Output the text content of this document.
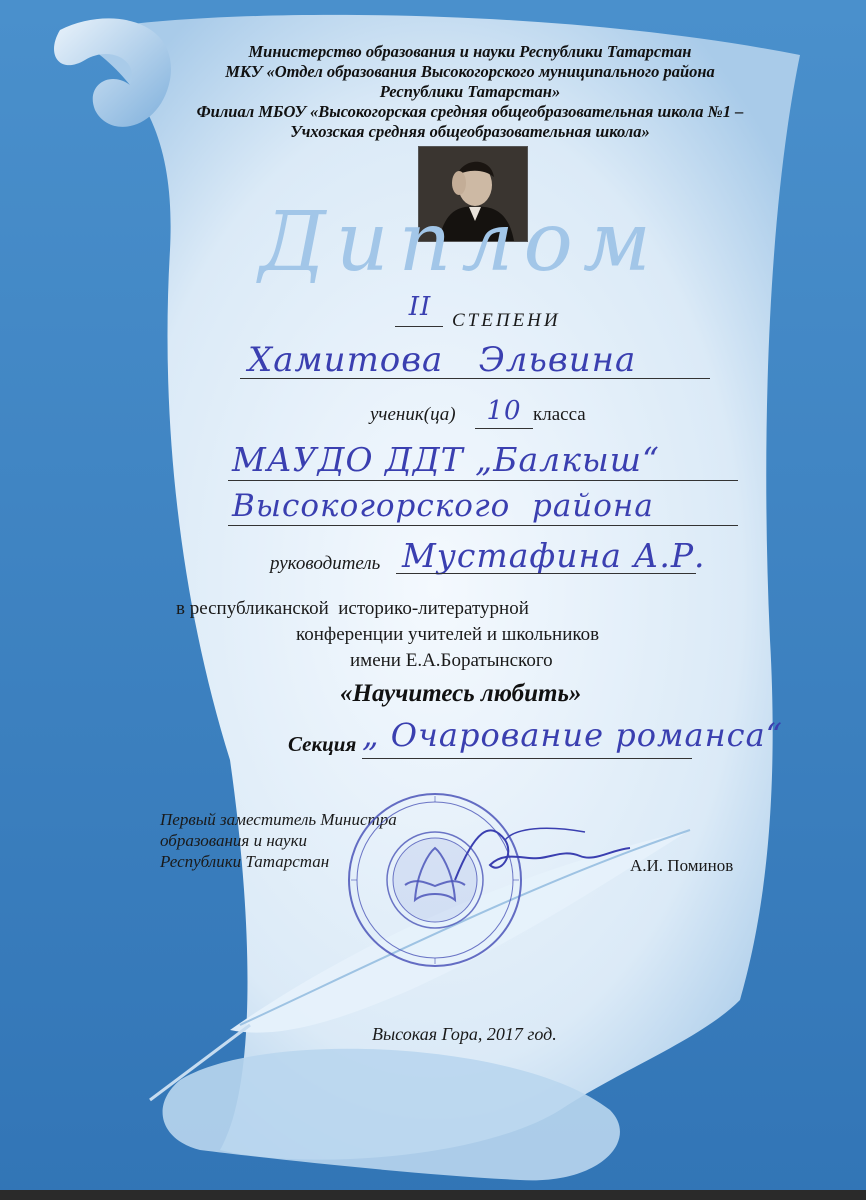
Министерство образования и науки Республики Татарстан
МКУ «Отдел образования Высокогорского муниципального района
Республики Татарстан»
Филиал МБОУ «Высокогорская средняя общеобразовательная школа №1 –
Учхозская средняя общеобразовательная школа»
Диплом
II	СТЕПЕНИ
Хамитова   Эльвина
ученик(ца) 10 класса
МАУДО ДДТ „Балкыш“
Высокогорского  района
руководитель Мустафина А.Р.
в республиканской  историко-литературной
конференции учителей и школьников
имени Е.А.Боратынского
«Научитесь любить»
Секция „ Очарование романса“
Первый заместитель Министра
образования и науки
Республики Татарстан	А.И. Поминов
Высокая Гора, 2017 год.
